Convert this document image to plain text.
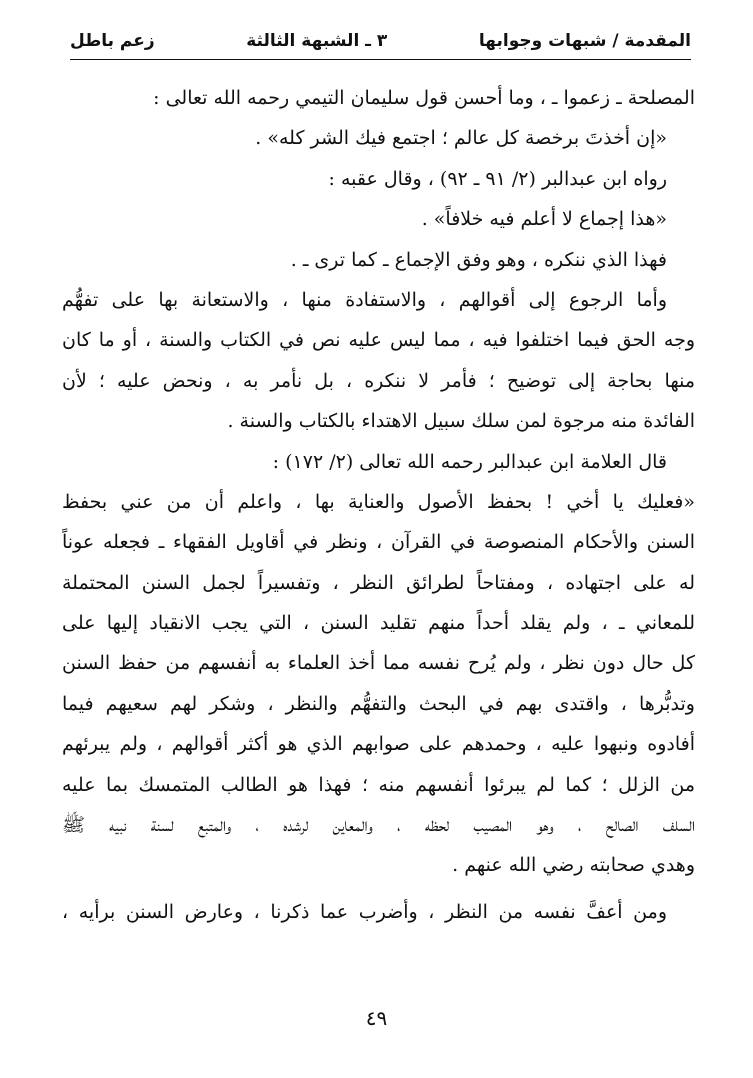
المقدمة / شبهات وجوابها
٣ ـ الشبهة الثالثة
زعم باطل
المصلحة ـ زعموا ـ ، وما أحسن قول سليمان التيمي رحمه الله تعالى :
«إن أخذتَ برخصة كل عالم ؛ اجتمع فيك الشر كله» .
رواه ابن عبدالبر (٢/ ٩١ ـ ٩٢) ، وقال عقبه :
«هذا إجماع لا أعلم فيه خلافاً» .
فهذا الذي ننكره ، وهو وفق الإجماع ـ كما ترى ـ .
وأما الرجوع إلى أقوالهم ، والاستفادة منها ، والاستعانة بها على تفهُّم
وجه الحق فيما اختلفوا فيه ، مما ليس عليه نص في الكتاب والسنة ، أو ما كان
منها بحاجة إلى توضيح ؛ فأمر لا ننكره ، بل نأمر به ، ونحض عليه ؛ لأن
الفائدة منه مرجوة لمن سلك سبيل الاهتداء بالكتاب والسنة .
قال العلامة ابن عبدالبر رحمه الله تعالى (٢/ ١٧٢) :
«فعليك يا أخي ! بحفظ الأصول والعناية بها ، واعلم أن من عني بحفظ
السنن والأحكام المنصوصة في القرآن ، ونظر في أقاويل الفقهاء ـ فجعله عوناً
له على اجتهاده ، ومفتاحاً لطرائق النظر ، وتفسيراً لجمل السنن المحتملة
للمعاني ـ ، ولم يقلد أحداً منهم تقليد السنن ، التي يجب الانقياد إليها على
كل حال دون نظر ، ولم يُرح نفسه مما أخذ العلماء به أنفسهم من حفظ السنن
وتدبُّرها ، واقتدى بهم في البحث والتفهُّم والنظر ، وشكر لهم سعيهم فيما
أفادوه ونبهوا عليه ، وحمدهم على صوابهم الذي هو أكثر أقوالهم ، ولم يبرئهم
من الزلل ؛ كما لم يبرئوا أنفسهم منه ؛ فهذا هو الطالب المتمسك بما عليه
السلف الصالح ، وهو المصيب لحظه ، والمعاين لرشده ، والمتبع لسنة نبيه ﷺ
وهدي صحابته رضي الله عنهم .
ومن أعفَّ نفسه من النظر ، وأضرب عما ذكرنا ، وعارض السنن برأيه ،
٤٩
